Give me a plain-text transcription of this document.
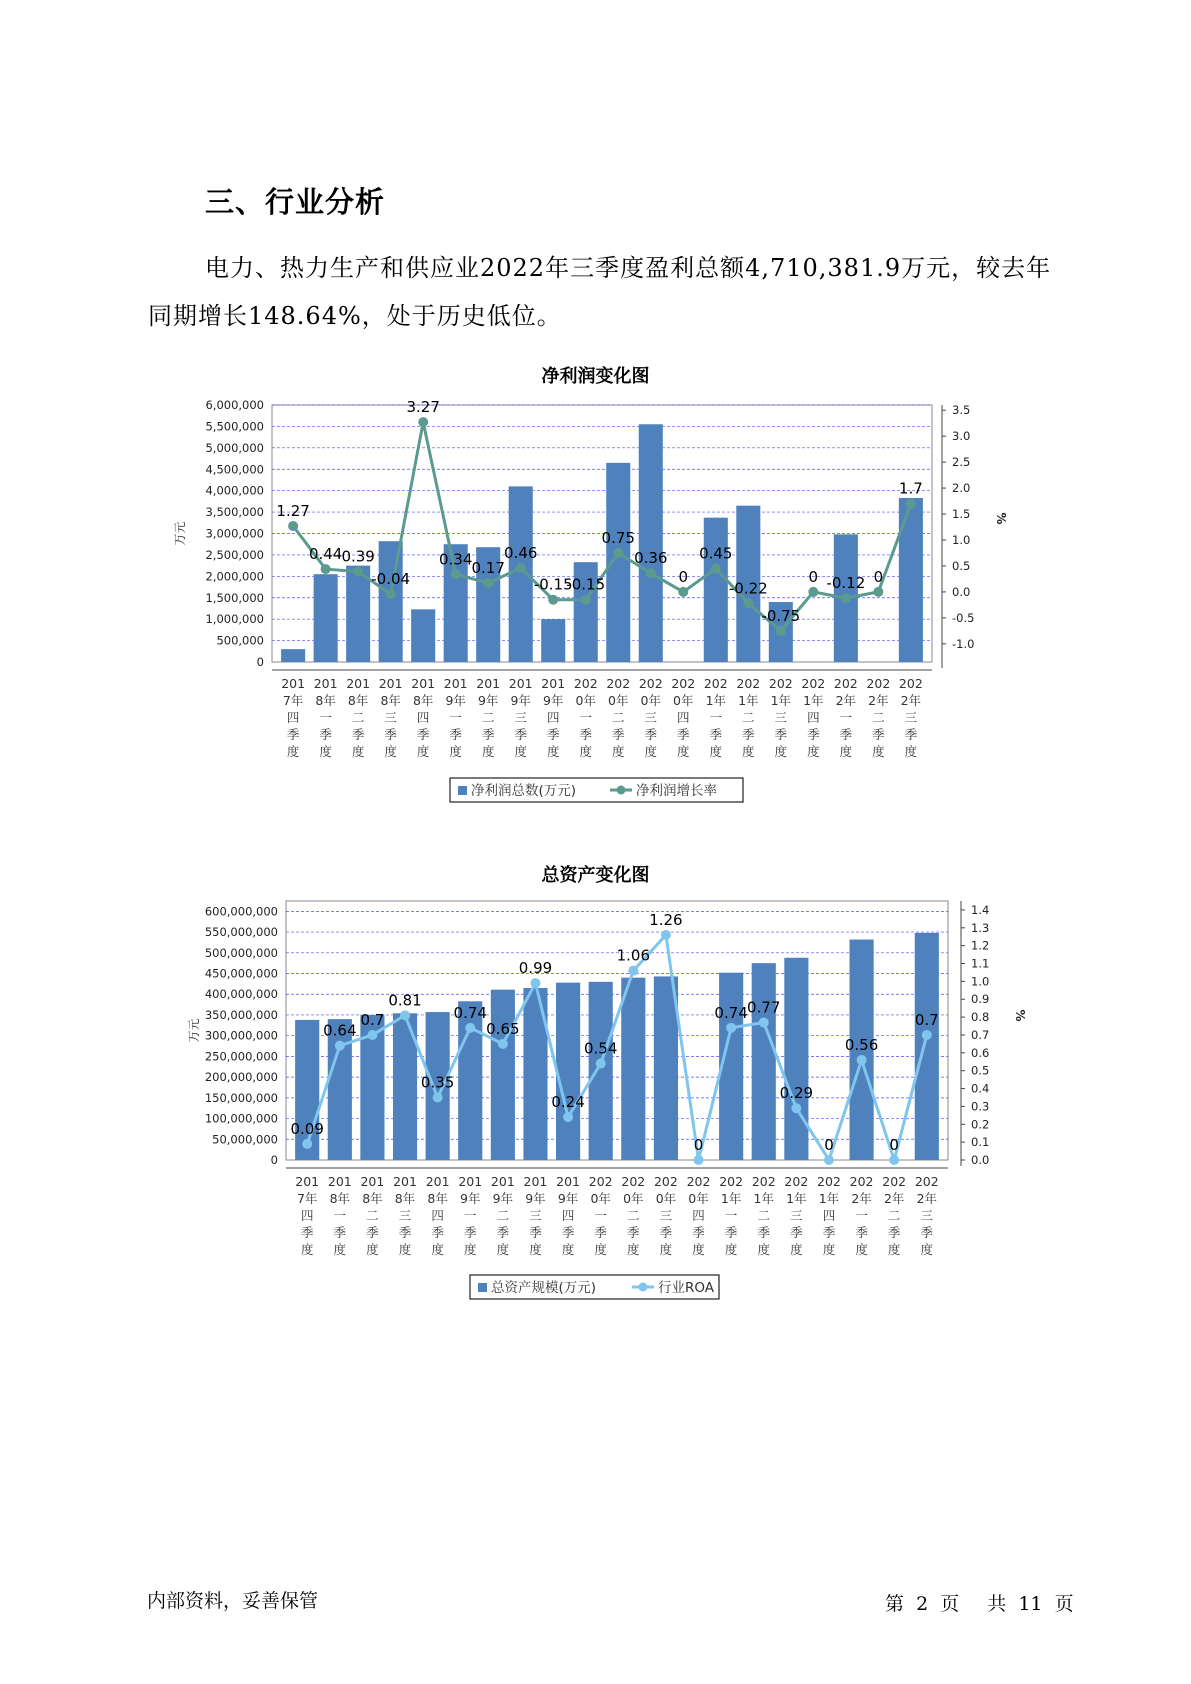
三、行业分析
电力、热力生产和供应业2022年三季度盈利总额4,710,381.9万元，较去年同期增长148.64%，处于历史低位。
净利润变化图
6,000,000
5,500,000
5,000,000
4,500,000
4,000,000
3,500,000
3,000,000
2,500,000
2,000,000
1,500,000
1,000,000
500,000
0
3.5
3.0
2.5
2.0
1.5
1.0
0.5
0.0
-0.5
-1.0
万元
%
201
7年
四
季
度
201
8年
一
季
度
201
8年
二
季
度
201
8年
三
季
度
201
8年
四
季
度
201
9年
一
季
度
201
9年
二
季
度
201
9年
三
季
度
201
9年
四
季
度
202
0年
一
季
度
202
0年
二
季
度
202
0年
三
季
度
202
0年
四
季
度
202
1年
一
季
度
202
1年
二
季
度
202
1年
三
季
度
202
1年
四
季
度
202
2年
一
季
度
202
2年
二
季
度
202
2年
三
季
度
1.27
0.44 0.39
-0.04
3.27
0.34 0.17
0.46
-0.15
-0.15
0.75
0.36
0
0.45
-0.22
-0.75
0 -0.12 0
1.7
净利润总数(万元)	净利润增长率
总资产变化图
600,000,000
550,000,000
500,000,000
450,000,000
400,000,000
350,000,000
300,000,000
250,000,000
200,000,000
150,000,000
100,000,000
50,000,000
0
1.4
1.3
1.2
1.1
1.0
0.9
0.8
0.7
0.6
0.5
0.4
0.3
0.2
0.1
0.0
万元
%
201
7年
四
季
度
201
8年
一
季
度
201
8年
二
季
度
201
8年
三
季
度
201
8年
四
季
度
201
9年
一
季
度
201
9年
二
季
度
201
9年
三
季
度
201
9年
四
季
度
202
0年
一
季
度
202
0年
二
季
度
202
0年
三
季
度
202
0年
四
季
度
202
1年
一
季
度
202
1年
二
季
度
202
1年
三
季
度
202
1年
四
季
度
202
2年
一
季
度
202
2年
二
季
度
202
2年
三
季
度
0.09
0.64
0.7
0.81
0.35
0.74
0.65
0.99
0.24
0.54
1.06
1.26
0
0.74 0.77
0.29
0
0.56
0
0.7
总资产规模(万元)	行业ROA
内部资料，妥善保管	第 2 页 共 11 页
